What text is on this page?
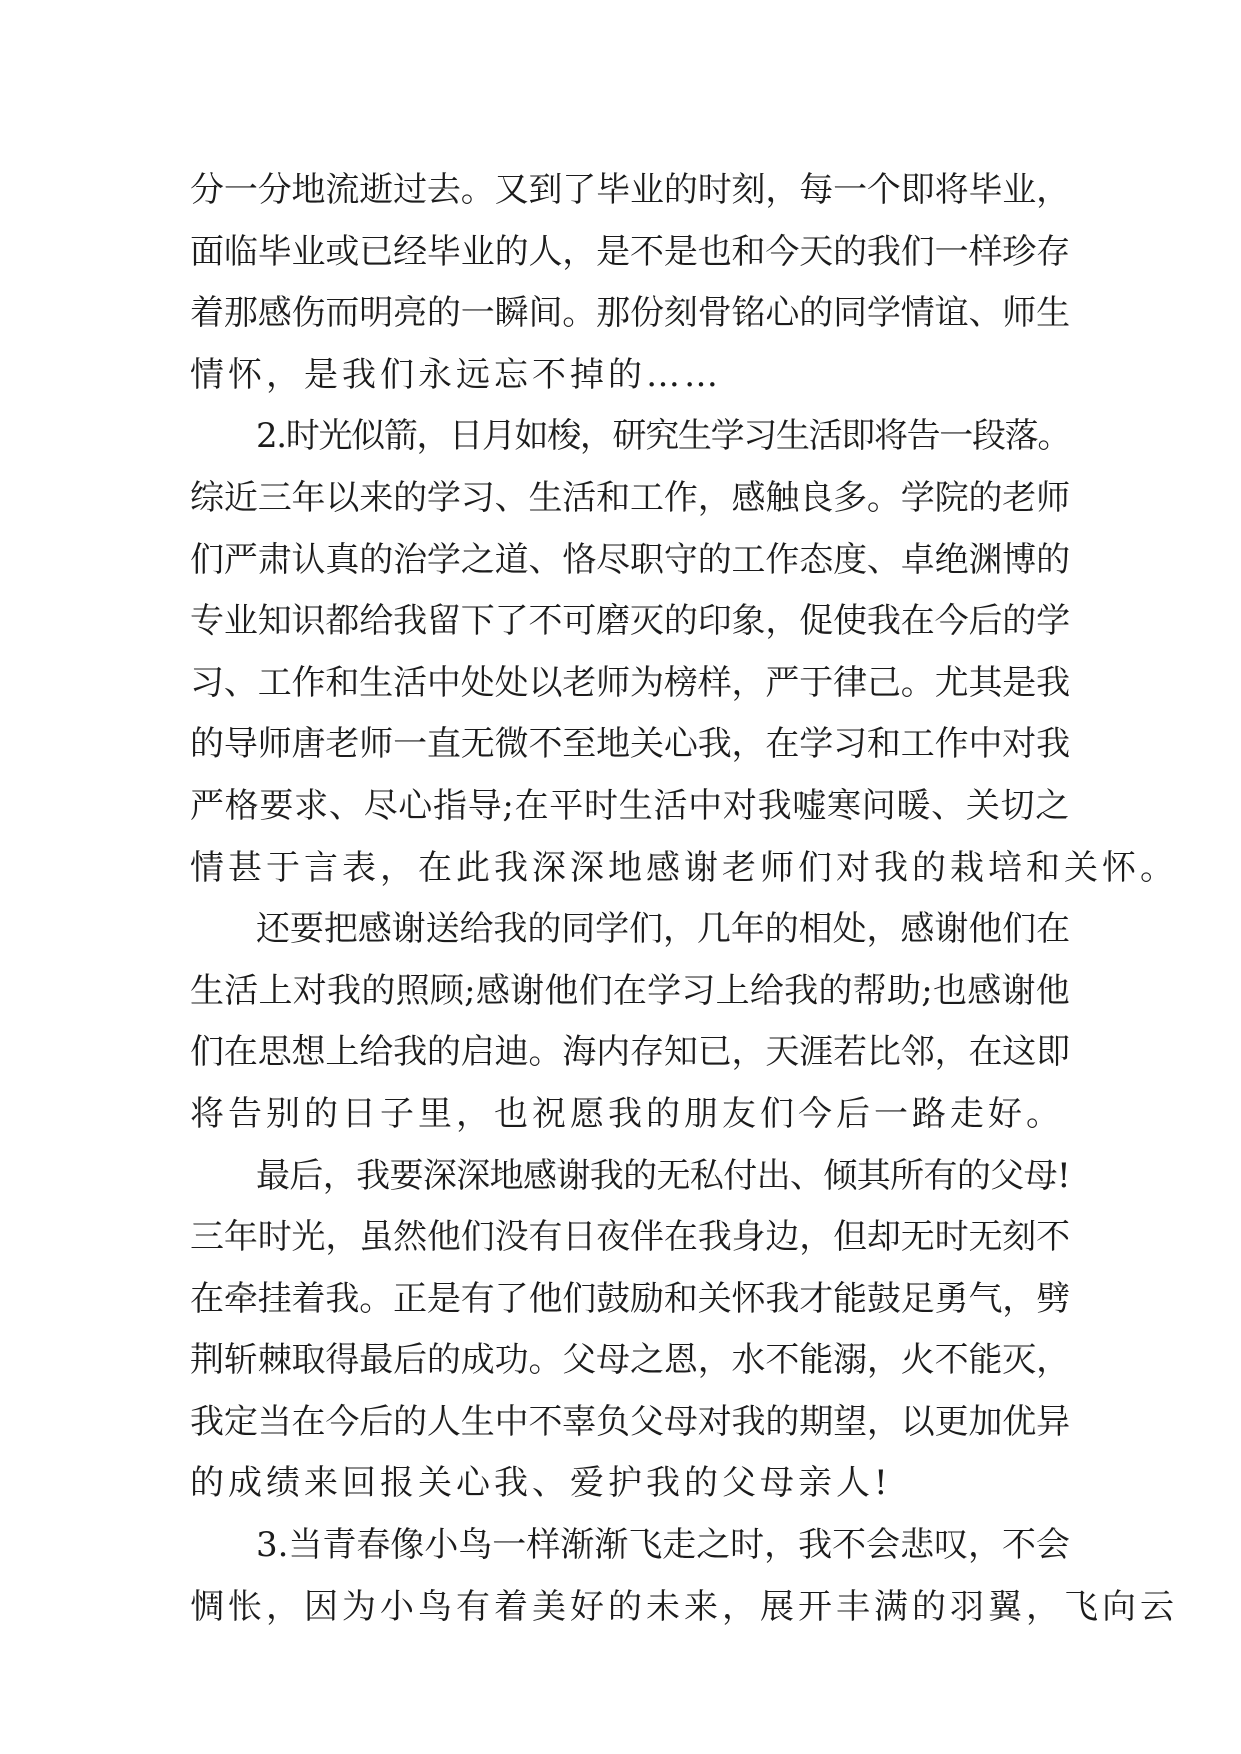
分一分地流逝过去。又到了毕业的时刻，每一个即将毕业，
面临毕业或已经毕业的人，是不是也和今天的我们一样珍存
着那感伤而明亮的一瞬间。那份刻骨铭心的同学情谊、师生
情怀，是我们永远忘不掉的……
2.时光似箭，日月如梭，研究生学习生活即将告一段落。
综近三年以来的学习、生活和工作，感触良多。学院的老师
们严肃认真的治学之道、恪尽职守的工作态度、卓绝渊博的
专业知识都给我留下了不可磨灭的印象，促使我在今后的学
习、工作和生活中处处以老师为榜样，严于律己。尤其是我
的导师唐老师一直无微不至地关心我，在学习和工作中对我
严格要求、尽心指导;在平时生活中对我嘘寒问暖、关切之
情甚于言表，在此我深深地感谢老师们对我的栽培和关怀。
还要把感谢送给我的同学们，几年的相处，感谢他们在
生活上对我的照顾;感谢他们在学习上给我的帮助;也感谢他
们在思想上给我的启迪。海内存知已，天涯若比邻，在这即
将告别的日子里，也祝愿我的朋友们今后一路走好。
最后，我要深深地感谢我的无私付出、倾其所有的父母!
三年时光，虽然他们没有日夜伴在我身边，但却无时无刻不
在牵挂着我。正是有了他们鼓励和关怀我才能鼓足勇气，劈
荆斩棘取得最后的成功。父母之恩，水不能溺，火不能灭，
我定当在今后的人生中不辜负父母对我的期望，以更加优异
的成绩来回报关心我、爱护我的父母亲人!
3.当青春像小鸟一样渐渐飞走之时，我不会悲叹，不会
惆怅，因为小鸟有着美好的未来，展开丰满的羽翼，飞向云
